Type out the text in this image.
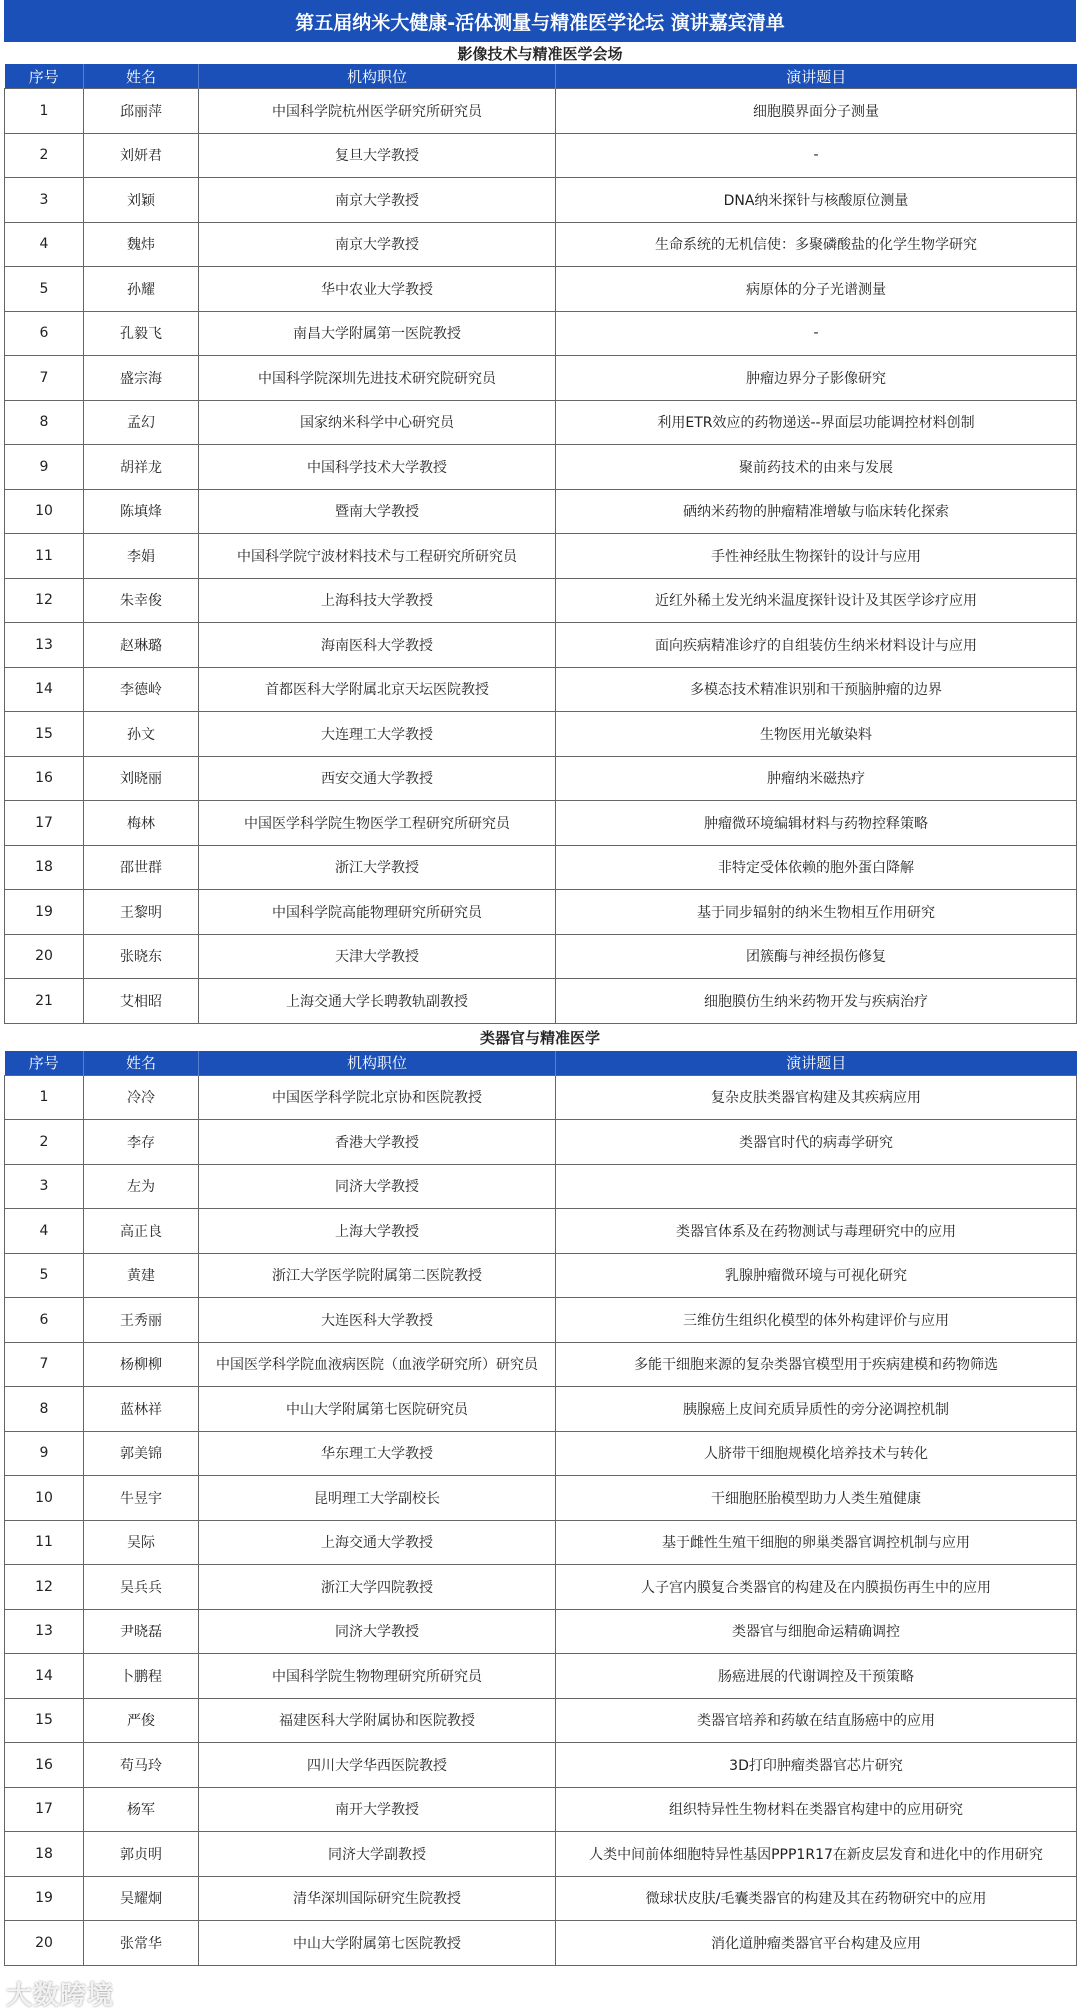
第五届纳米大健康-活体测量与精准医学论坛 演讲嘉宾清单
影像技术与精准医学会场
序号	姓名	机构职位	演讲题目
1	邱丽萍	中国科学院杭州医学研究所研究员	细胞膜界面分子测量
2	刘妍君	复旦大学教授	-
3	刘颖	南京大学教授	DNA纳米探针与核酸原位测量
4	魏炜	南京大学教授	生命系统的无机信使：多聚磷酸盐的化学生物学研究
5	孙耀	华中农业大学教授	病原体的分子光谱测量
6	孔毅飞	南昌大学附属第一医院教授	-
7	盛宗海	中国科学院深圳先进技术研究院研究员	肿瘤边界分子影像研究
8	孟幻	国家纳米科学中心研究员	利用ETR效应的药物递送--界面层功能调控材料创制
9	胡祥龙	中国科学技术大学教授	聚前药技术的由来与发展
10	陈填烽	暨南大学教授	硒纳米药物的肿瘤精准增敏与临床转化探索
11	李娟	中国科学院宁波材料技术与工程研究所研究员	手性神经肽生物探针的设计与应用
12	朱幸俊	上海科技大学教授	近红外稀土发光纳米温度探针设计及其医学诊疗应用
13	赵琳璐	海南医科大学教授	面向疾病精准诊疗的自组装仿生纳米材料设计与应用
14	李德岭	首都医科大学附属北京天坛医院教授	多模态技术精准识别和干预脑肿瘤的边界
15	孙文	大连理工大学教授	生物医用光敏染料
16	刘晓丽	西安交通大学教授	肿瘤纳米磁热疗
17	梅林	中国医学科学院生物医学工程研究所研究员	肿瘤微环境编辑材料与药物控释策略
18	邵世群	浙江大学教授	非特定受体依赖的胞外蛋白降解
19	王黎明	中国科学院高能物理研究所研究员	基于同步辐射的纳米生物相互作用研究
20	张晓东	天津大学教授	团簇酶与神经损伤修复
21	艾相昭	上海交通大学长聘教轨副教授	细胞膜仿生纳米药物开发与疾病治疗
类器官与精准医学
序号	姓名	机构职位	演讲题目
1	冷冷	中国医学科学院北京协和医院教授	复杂皮肤类器官构建及其疾病应用
2	李存	香港大学教授	类器官时代的病毒学研究
3	左为	同济大学教授	
4	高正良	上海大学教授	类器官体系及在药物测试与毒理研究中的应用
5	黄建	浙江大学医学院附属第二医院教授	乳腺肿瘤微环境与可视化研究
6	王秀丽	大连医科大学教授	三维仿生组织化模型的体外构建评价与应用
7	杨柳柳	中国医学科学院血液病医院（血液学研究所）研究员	多能干细胞来源的复杂类器官模型用于疾病建模和药物筛选
8	蓝林祥	中山大学附属第七医院研究员	胰腺癌上皮间充质异质性的旁分泌调控机制
9	郭美锦	华东理工大学教授	人脐带干细胞规模化培养技术与转化
10	牛昱宇	昆明理工大学副校长	干细胞胚胎模型助力人类生殖健康
11	吴际	上海交通大学教授	基于雌性生殖干细胞的卵巢类器官调控机制与应用
12	吴兵兵	浙江大学四院教授	人子宫内膜复合类器官的构建及在内膜损伤再生中的应用
13	尹晓磊	同济大学教授	类器官与细胞命运精确调控
14	卜鹏程	中国科学院生物物理研究所研究员	肠癌进展的代谢调控及干预策略
15	严俊	福建医科大学附属协和医院教授	类器官培养和药敏在结直肠癌中的应用
16	苟马玲	四川大学华西医院教授	3D打印肿瘤类器官芯片研究
17	杨军	南开大学教授	组织特异性生物材料在类器官构建中的应用研究
18	郭贞明	同济大学副教授	人类中间前体细胞特异性基因PPP1R17在新皮层发育和进化中的作用研究
19	吴耀炯	清华深圳国际研究生院教授	微球状皮肤/毛囊类器官的构建及其在药物研究中的应用
20	张常华	中山大学附属第七医院教授	消化道肿瘤类器官平台构建及应用
大数跨境
